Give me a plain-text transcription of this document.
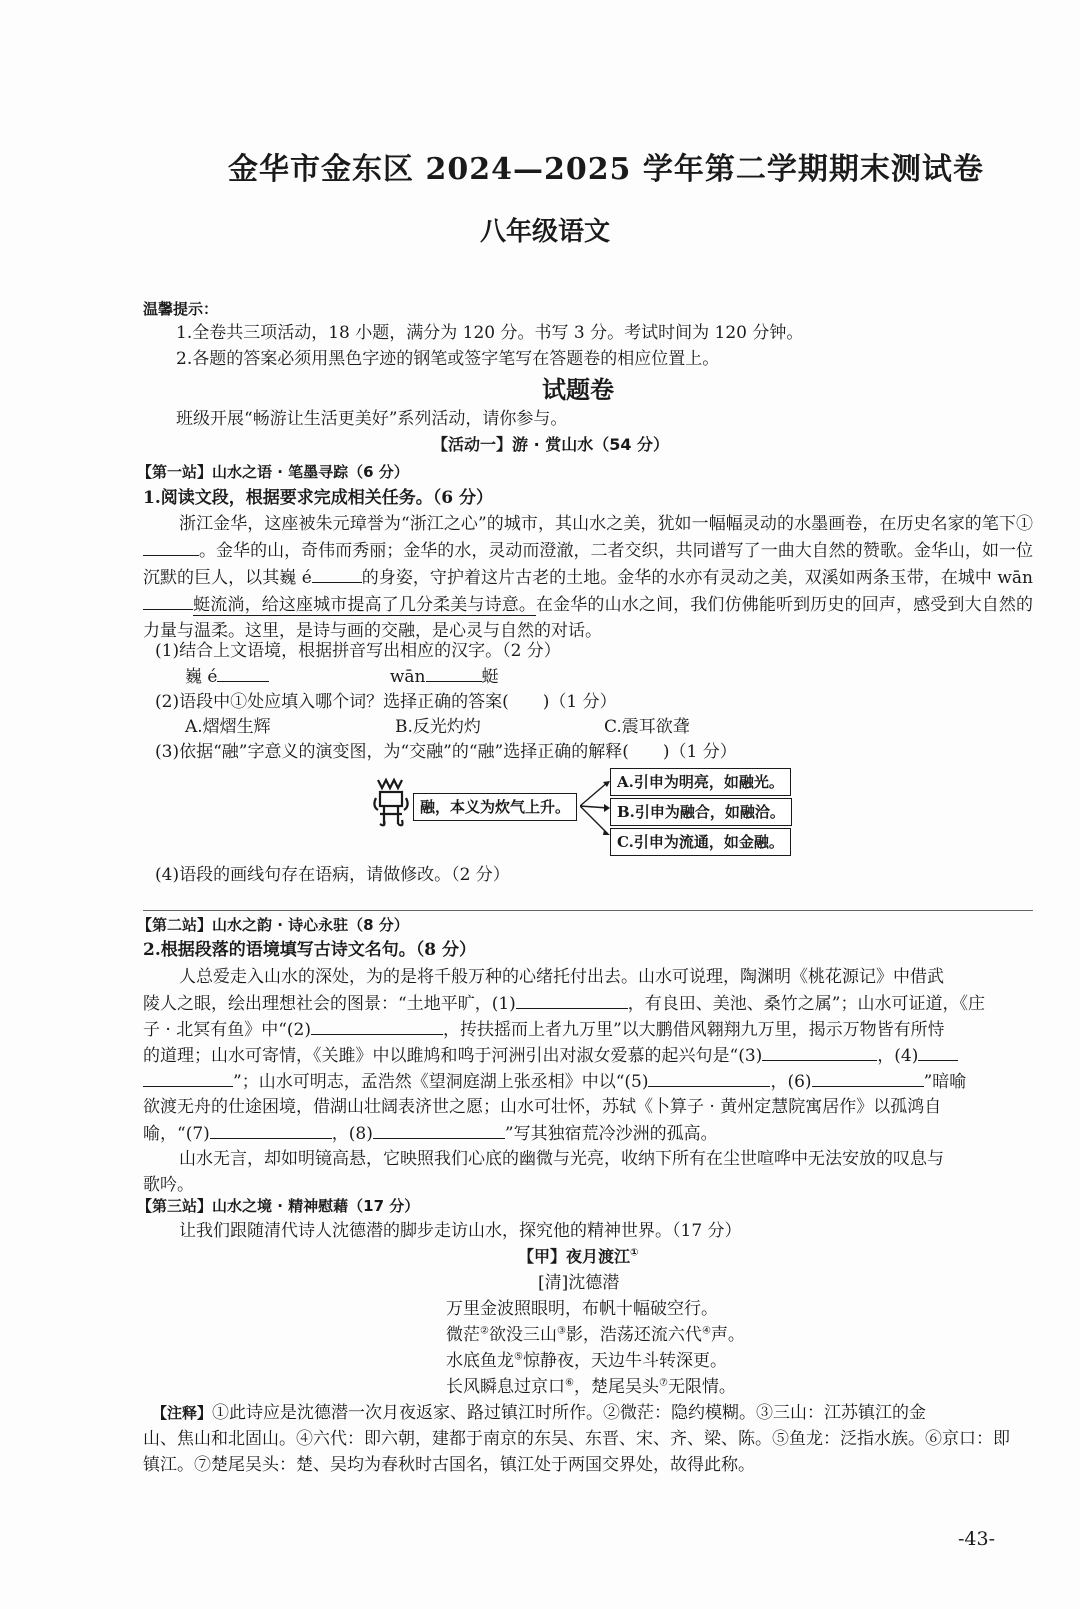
金华市金东区 2024—2025 学年第二学期期末测试卷
八年级语文
温馨提示：
1.全卷共三项活动，18 小题，满分为 120 分。书写 3 分。考试时间为 120 分钟。
2.各题的答案必须用黑色字迹的钢笔或签字笔写在答题卷的相应位置上。
试题卷
班级开展“畅游让生活更美好”系列活动，请你参与。
【活动一】游 · 赏山水（54 分）
【第一站】山水之语 · 笔墨寻踪（6 分）
1.阅读文段，根据要求完成相关任务。（6 分）
浙江金华，这座被朱元璋誉为“浙江之心”的城市，其山水之美，犹如一幅幅灵动的水墨画卷，在历史名家的笔下①。金华的山，奇伟而秀丽；金华的水，灵动而澄澈，二者交织，共同谱写了一曲大自然的赞歌。金华山，如一位沉默的巨人，以其巍 é	的身姿，守护着这片古老的土地。金华的水亦有灵动之美，双溪如两条玉带，在城中 wān蜓流淌，给这座城市提高了几分柔美与诗意。在金华的山水之间，我们仿佛能听到历史的回声，感受到大自然的力量与温柔。这里，是诗与画的交融，是心灵与自然的对话。
(1)结合上文语境，根据拼音写出相应的汉字。（2 分）
巍 é	wān	蜓
(2)语段中①处应填入哪个词？选择正确的答案(　　)（1 分）
A.熠熠生辉	B.反光灼灼	C.震耳欲聋
(3)依据“融”字意义的演变图，为“交融”的“融”选择正确的解释(　　)（1 分）
融，本义为炊气上升。
A.引申为明亮，如融光。
B.引申为融合，如融洽。
C.引申为流通，如金融。
(4)语段的画线句存在语病，请做修改。（2 分）
【第二站】山水之韵 · 诗心永驻（8 分）
2.根据段落的语境填写古诗文名句。（8 分）
人总爱走入山水的深处，为的是将千般万种的心绪托付出去。山水可说理，陶渊明《桃花源记》中借武
陵人之眼，绘出理想社会的图景：“土地平旷，(1)	，有良田、美池、桑竹之属”；山水可证道，《庄
子 · 北冥有鱼》中“(2)	，抟扶摇而上者九万里”以大鹏借风翱翔九万里，揭示万物皆有所恃
的道理；山水可寄情，《关雎》中以雎鸠和鸣于河洲引出对淑女爱慕的起兴句是“(3)	，(4)
”；山水可明志，孟浩然《望洞庭湖上张丞相》中以“(5)	，(6)	”暗喻
欲渡无舟的仕途困境，借湖山壮阔表济世之愿；山水可壮怀，苏轼《卜算子 · 黄州定慧院寓居作》以孤鸿自
喻，“(7)	，(8)	”写其独宿荒冷沙洲的孤高。
山水无言，却如明镜高悬，它映照我们心底的幽微与光亮，收纳下所有在尘世喧哗中无法安放的叹息与
歌吟。
【第三站】山水之境 · 精神慰藉（17 分）
让我们跟随清代诗人沈德潜的脚步走访山水，探究他的精神世界。（17 分）
【甲】夜月渡江①
[清]沈德潜
万里金波照眼明，布帆十幅破空行。
微茫②欲没三山③影，浩荡还流六代④声。
水底鱼龙⑤惊静夜，天边牛斗转深更。
长风瞬息过京口⑥，楚尾吴头⑦无限情。
【注释】①此诗应是沈德潜一次月夜返家、路过镇江时所作。②微茫：隐约模糊。③三山：江苏镇江的金
山、焦山和北固山。④六代：即六朝，建都于南京的东吴、东晋、宋、齐、梁、陈。⑤鱼龙：泛指水族。⑥京口：即
镇江。⑦楚尾吴头：楚、吴均为春秋时古国名，镇江处于两国交界处，故得此称。
-43-
